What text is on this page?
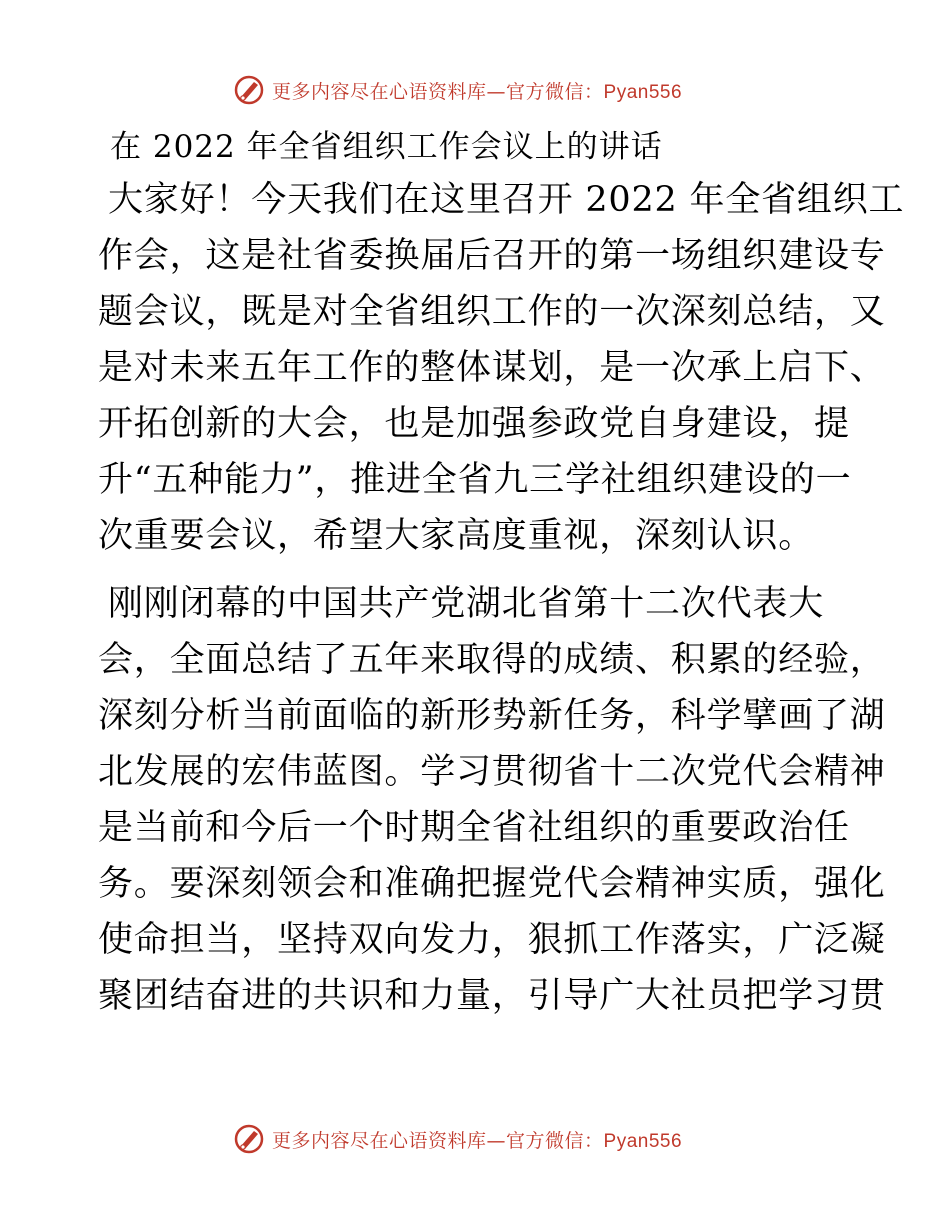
更多内容尽在心语资料库—官方微信：Pyan556
在 2022 年全省组织工作会议上的讲话

大家好！今天我们在这里召开 2022 年全省组织工
作会，这是社省委换届后召开的第一场组织建设专
题会议，既是对全省组织工作的一次深刻总结，又
是对未来五年工作的整体谋划，是一次承上启下、
开拓创新的大会，也是加强参政党自身建设，提
升“五种能力”，推进全省九三学社组织建设的一
次重要会议，希望大家高度重视，深刻认识。

刚刚闭幕的中国共产党湖北省第十二次代表大
会，全面总结了五年来取得的成绩、积累的经验，
深刻分析当前面临的新形势新任务，科学擘画了湖
北发展的宏伟蓝图。学习贯彻省十二次党代会精神
是当前和今后一个时期全省社组织的重要政治任
务。要深刻领会和准确把握党代会精神实质，强化
使命担当，坚持双向发力，狠抓工作落实，广泛凝
聚团结奋进的共识和力量，引导广大社员把学习贯

更多内容尽在心语资料库—官方微信：Pyan556
